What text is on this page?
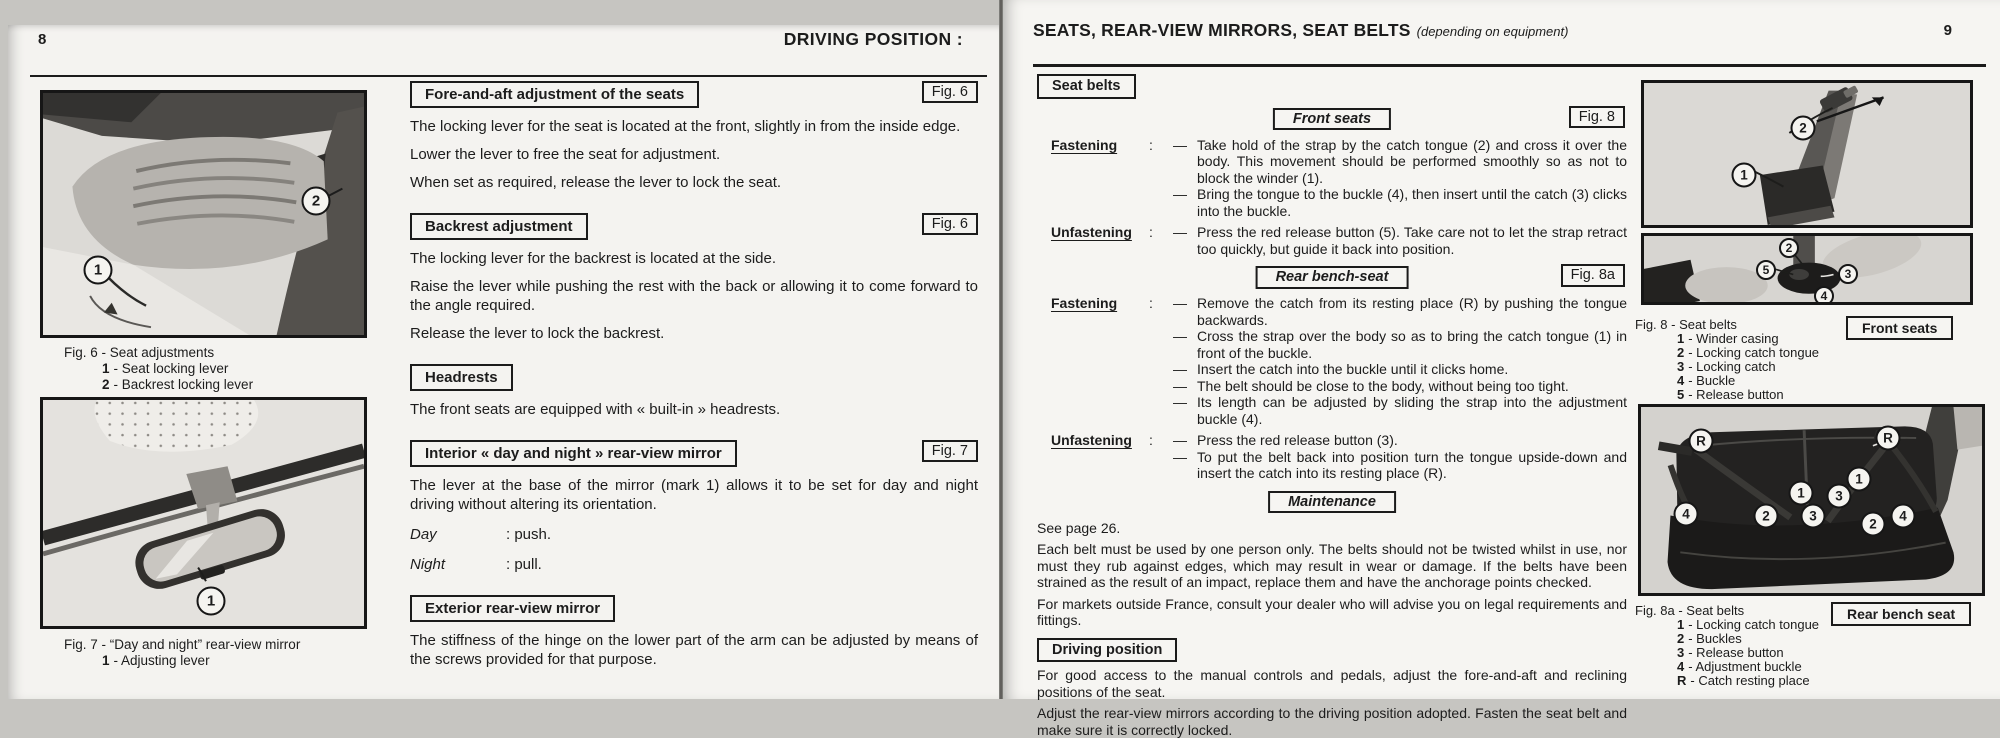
8	DRIVING POSITION :
1
2
Fig. 6 - Seat adjustments
1 - Seat locking lever
2 - Backrest locking lever
1
Fig. 7 - “Day and night” rear-view mirror
1 - Adjusting lever
Fore-and-aft adjustment of the seats	Fig. 6

The locking lever for the seat is located at the front, slightly in from the inside edge.

Lower the lever to free the seat for adjustment.

When set as required, release the lever to lock the seat.

Backrest adjustment	Fig. 6

The locking lever for the backrest is located at the side.

Raise the lever while pushing the rest with the back or allowing it to come forward to the angle required.

Release the lever to lock the backrest.

Headrests

The front seats are equipped with « built-in » headrests.

Interior « day and night » rear-view mirror	Fig. 7

The lever at the base of the mirror (mark 1) allows it to be set for day and night driving without altering its orientation.

Day	: push.
Night	: pull.
Exterior rear-view mirror

The stiffness of the hinge on the lower part of the arm can be adjusted by means of the screws provided for that purpose.

SEATS, REAR-VIEW MIRRORS, SEAT BELTS (depending on equipment)	9
Seat belts
Front seats	Fig. 8
Fastening	:	— Take hold of the strap by the catch tongue (2) and cross it over the body. This movement should be performed smoothly so as not to block the winder (1).
— Bring the tongue to the buckle (4), then insert until the catch (3) clicks into the buckle.
Unfastening	:	— Press the red release button (5). Take care not to let the strap retract too quickly, but guide it back into position.
Rear bench-seat	Fig. 8a
Fastening	:	— Remove the catch from its resting place (R) by pushing the tongue backwards.
— Cross the strap over the body so as to bring the catch tongue (1) in front of the buckle.
— Insert the catch into the buckle until it clicks home.
— The belt should be close to the body, without being too tight.
— Its length can be adjusted by sliding the strap into the adjustment buckle (4).
Unfastening	:	— Press the red release button (3).
— To put the belt back into position turn the tongue upside-down and insert the catch into its resting place (R).
Maintenance

See page 26.

Each belt must be used by one person only. The belts should not be twisted whilst in use, nor must they rub against edges, which may result in wear or damage. If the belts have been strained as the result of an impact, replace them and have the anchorage points checked.

For markets outside France, consult your dealer who will advise you on legal requirements and fittings.

Driving position

For good access to the manual controls and pedals, adjust the fore-and-aft and reclining positions of the seat.

Adjust the rear-view mirrors according to the driving position adopted. Fasten the seat belt and make sure it is correctly locked.

2
1
2
5	3
4
Fig. 8 - Seat belts
1 - Winder casing
2 - Locking catch tongue
3 - Locking catch
4 - Buckle
5 - Release button
Front seats
R	R
4	2
1
3
3
1
2
4
Fig. 8a - Seat belts
1 - Locking catch tongue
2 - Buckles
3 - Release button
4 - Adjustment buckle
R - Catch resting place
Rear bench seat
